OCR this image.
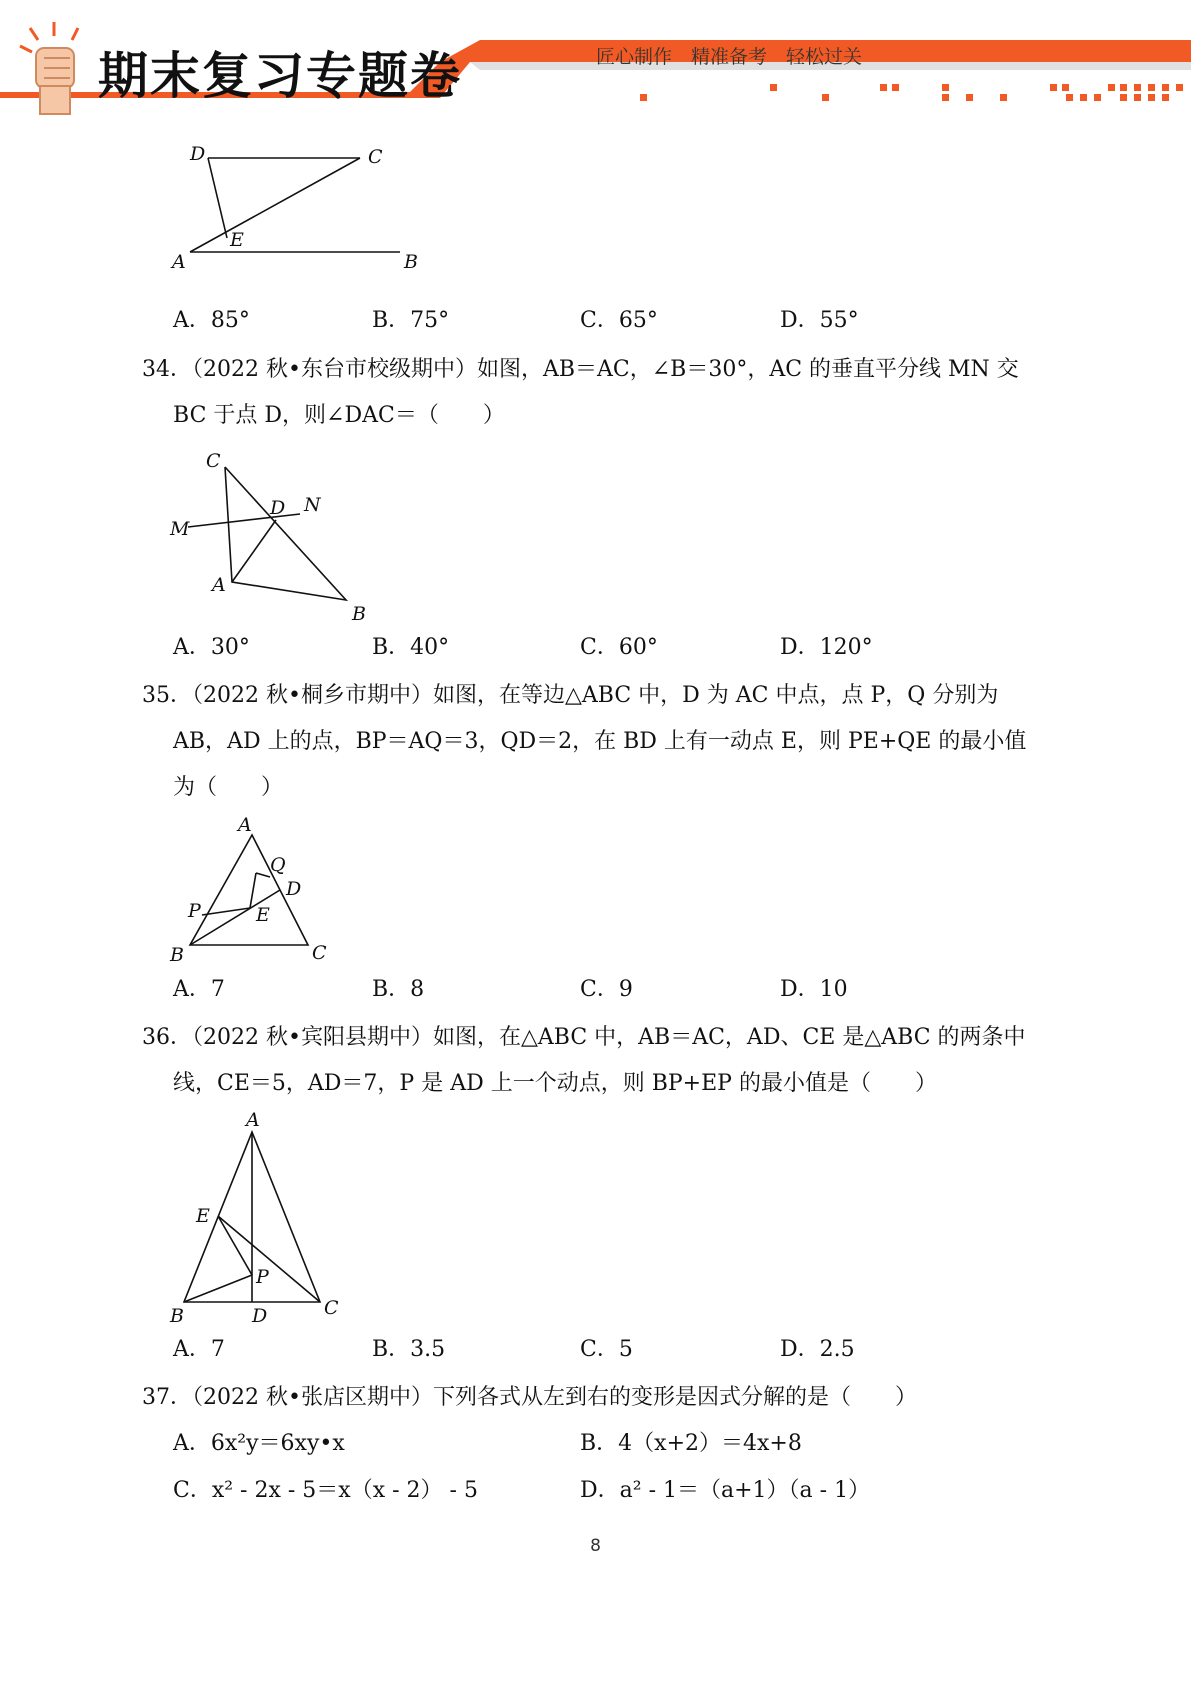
期末复习专题卷	匠心制作　精准备考　轻松过关
D	C
E
A	B
A．85°	B．75°	C．65°	D．55°
34．（2022 秋•东台市校级期中）如图，AB＝AC，∠B＝30°，AC 的垂直平分线 MN 交
BC 于点 D，则∠DAC＝（　　）
C
M
D N
A
B
A．30°	B．40°	C．60°	D．120°
35．（2022 秋•桐乡市期中）如图，在等边△ABC 中，D 为 AC 中点，点 P，Q 分别为
AB，AD 上的点，BP＝AQ＝3，QD＝2，在 BD 上有一动点 E，则 PE+QE 的最小值
为（　　）
A
Q
D
P	E
B	C
A．7	B．8	C．9	D．10
36．（2022 秋•宾阳县期中）如图，在△ABC 中，AB＝AC，AD、CE 是△ABC 的两条中
线，CE＝5，AD＝7，P 是 AD 上一个动点，则 BP+EP 的最小值是（　　）
A
E
P
B	D	C
A．7	B．3.5	C．5	D．2.5
37．（2022 秋•张店区期中）下列各式从左到右的变形是因式分解的是（　　）
A．6x²y＝6xy•x	B．4（x+2）＝4x+8
C．x² - 2x - 5＝x（x - 2） - 5	D．a² - 1＝（a+1）（a - 1）
8
